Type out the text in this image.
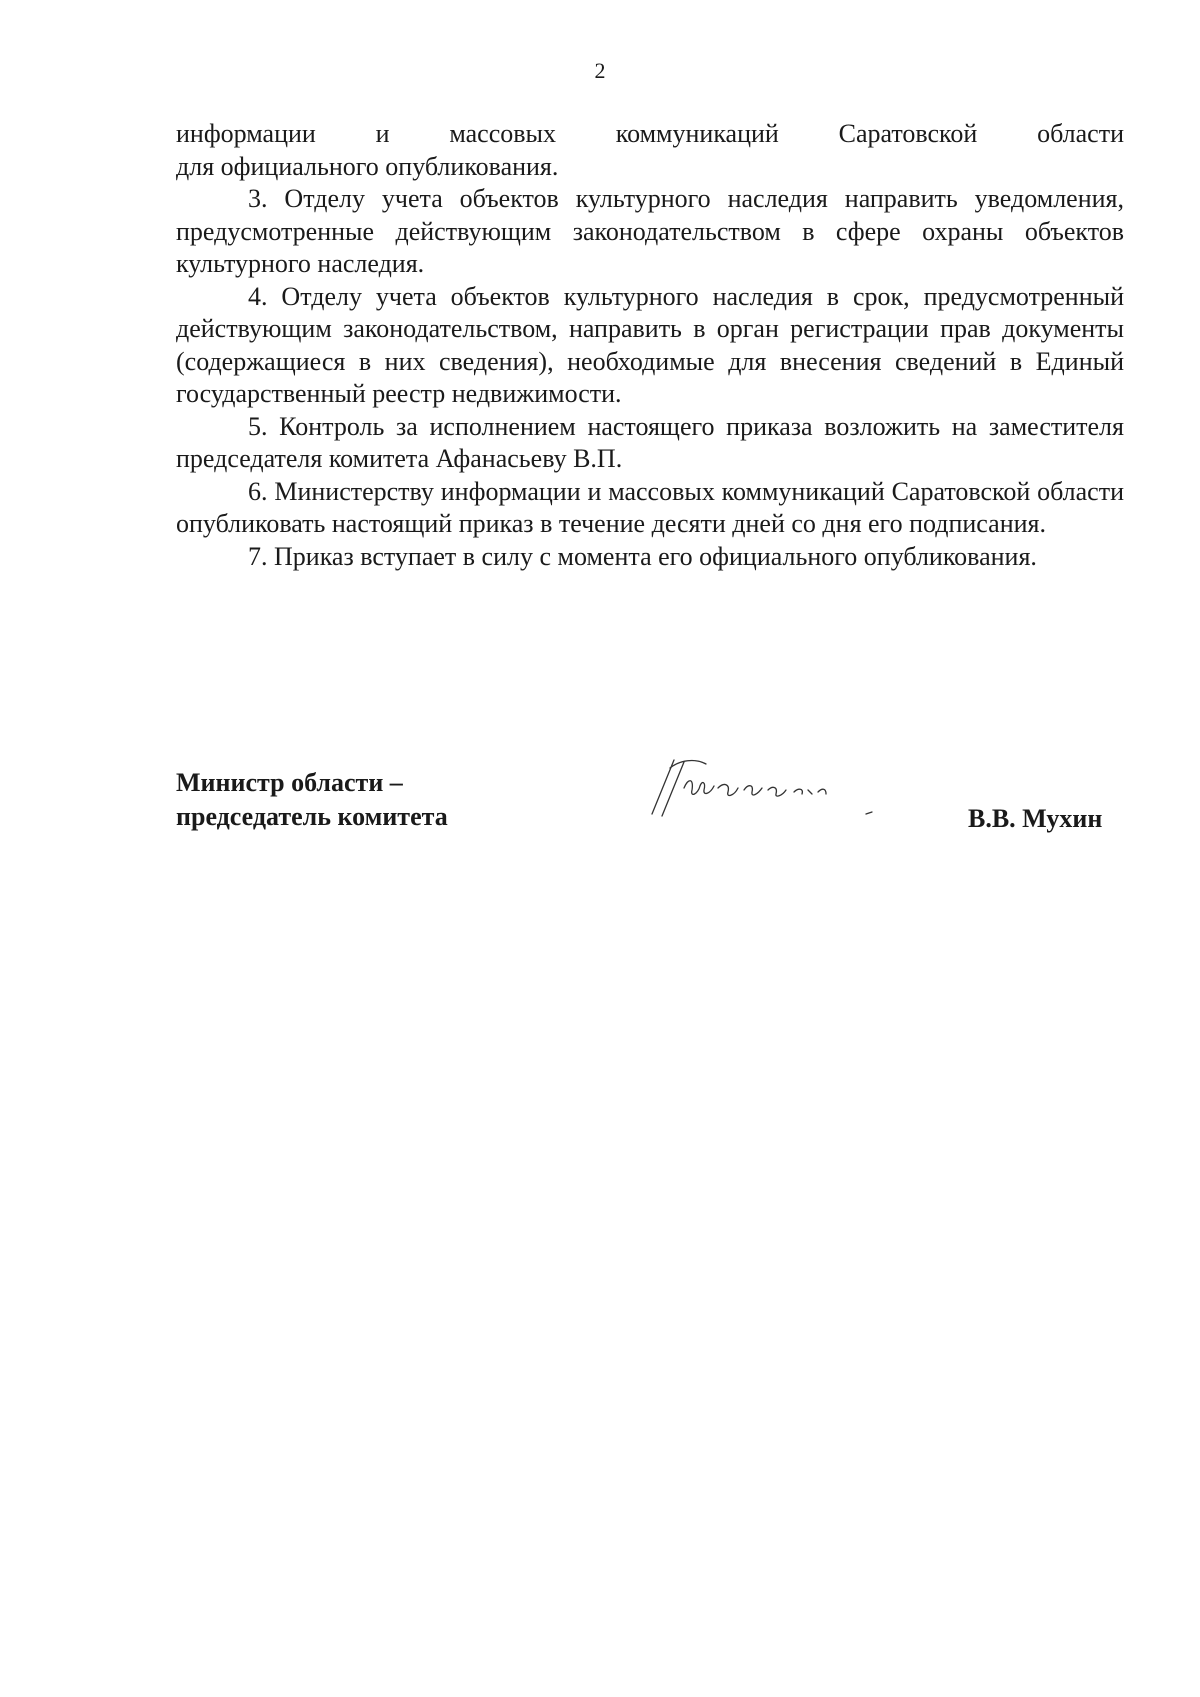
2

информации и массовых коммуникаций Саратовской области

для официального опубликования.

3. Отделу учета объектов культурного наследия направить уведомления, предусмотренные действующим законодательством в сфере охраны объектов культурного наследия.

4. Отделу учета объектов культурного наследия в срок, предусмотренный действующим законодательством, направить в орган регистрации прав документы (содержащиеся в них сведения), необходимые для внесения сведений в Единый государственный реестр недвижимости.

5. Контроль за исполнением настоящего приказа возложить на заместителя председателя комитета Афанасьеву В.П.

6. Министерству информации и массовых коммуникаций Саратовской области опубликовать настоящий приказ в течение десяти дней со дня его подписания.

7. Приказ вступает в силу с момента его официального опубликования.

Министр области –
председатель комитета	В.В. Мухин
